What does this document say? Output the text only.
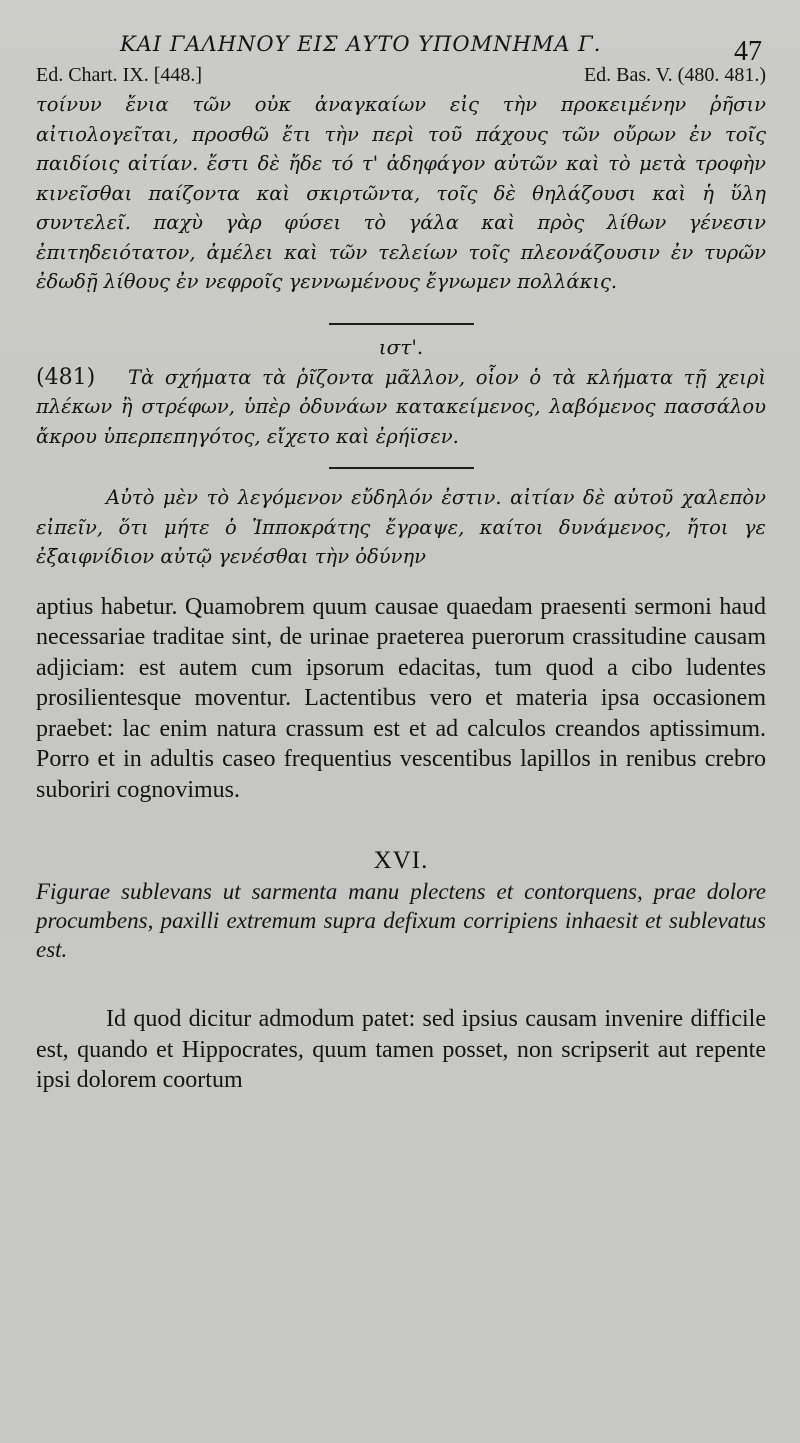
ΚΑΙ ΓΑΛΗΝΟΥ ΕΙΣ ΑΥΤΟ ΥΠΟΜΝΗΜΑ Γ.	47
Ed. Chart. IX. [448.]	Ed. Bas. V. (480. 481.)

τοίνυν ἔνια τῶν οὐκ ἀναγκαίων εἰς τὴν προκειμένην ῥῆσιν αἰτιολογεῖται, προσθῶ ἔτι τὴν περὶ τοῦ πάχους τῶν οὔρων ἐν τοῖς παιδίοις αἰτίαν. ἔστι δὲ ἤδε τό τ' ἀδηφάγον αὐτῶν καὶ τὸ μετὰ τροφὴν κινεῖσθαι παίζοντα καὶ σκιρτῶντα, τοῖς δὲ θηλάζουσι καὶ ἡ ὕλη συντελεῖ. παχὺ γὰρ φύσει τὸ γάλα καὶ πρὸς λίθων γένεσιν ἐπιτηδειότατον, ἀμέλει καὶ τῶν τελείων τοῖς πλεονάζουσιν ἐν τυρῶν ἐδωδῇ λίθους ἐν νεφροῖς γεννωμένους ἔγνωμεν πολλάκις.

ιστ'.

(481) Τὰ σχήματα τὰ ῥῖζοντα μᾶλλον, οἷον ὁ τὰ κλήματα τῇ χειρὶ πλέκων ἢ στρέφων, ὑπὲρ ὀδυνάων κατακείμενος, λαβόμενος πασσάλου ἄκρου ὑπερπεπηγότος, εἴχετο καὶ ἐρήϊσεν.

Αὐτὸ μὲν τὸ λεγόμενον εὔδηλόν ἐστιν. αἰτίαν δὲ αὐτοῦ χαλεπὸν εἰπεῖν, ὅτι μήτε ὁ Ἱπποκράτης ἔγραψε, καίτοι δυνάμενος, ἤτοι γε ἐξαιφνίδιον αὐτῷ γενέσθαι τὴν ὀδύνην

aptius habetur. Quamobrem quum causae quaedam praesenti sermoni haud necessariae traditae sint, de urinae praeterea puerorum crassitudine causam adjiciam: est autem cum ipsorum edacitas, tum quod a cibo ludentes prosilientesque moventur. Lactentibus vero et materia ipsa occasionem praebet: lac enim natura crassum est et ad calculos creandos aptissimum. Porro et in adultis caseo frequentius vescentibus lapillos in renibus crebro suboriri cognovimus.

XVI.

Figurae sublevans ut sarmenta manu plectens et contorquens, prae dolore procumbens, paxilli extremum supra defixum corripiens inhaesit et sublevatus est.

Id quod dicitur admodum patet: sed ipsius causam invenire difficile est, quando et Hippocrates, quum tamen posset, non scripserit aut repente ipsi dolorem coortum
